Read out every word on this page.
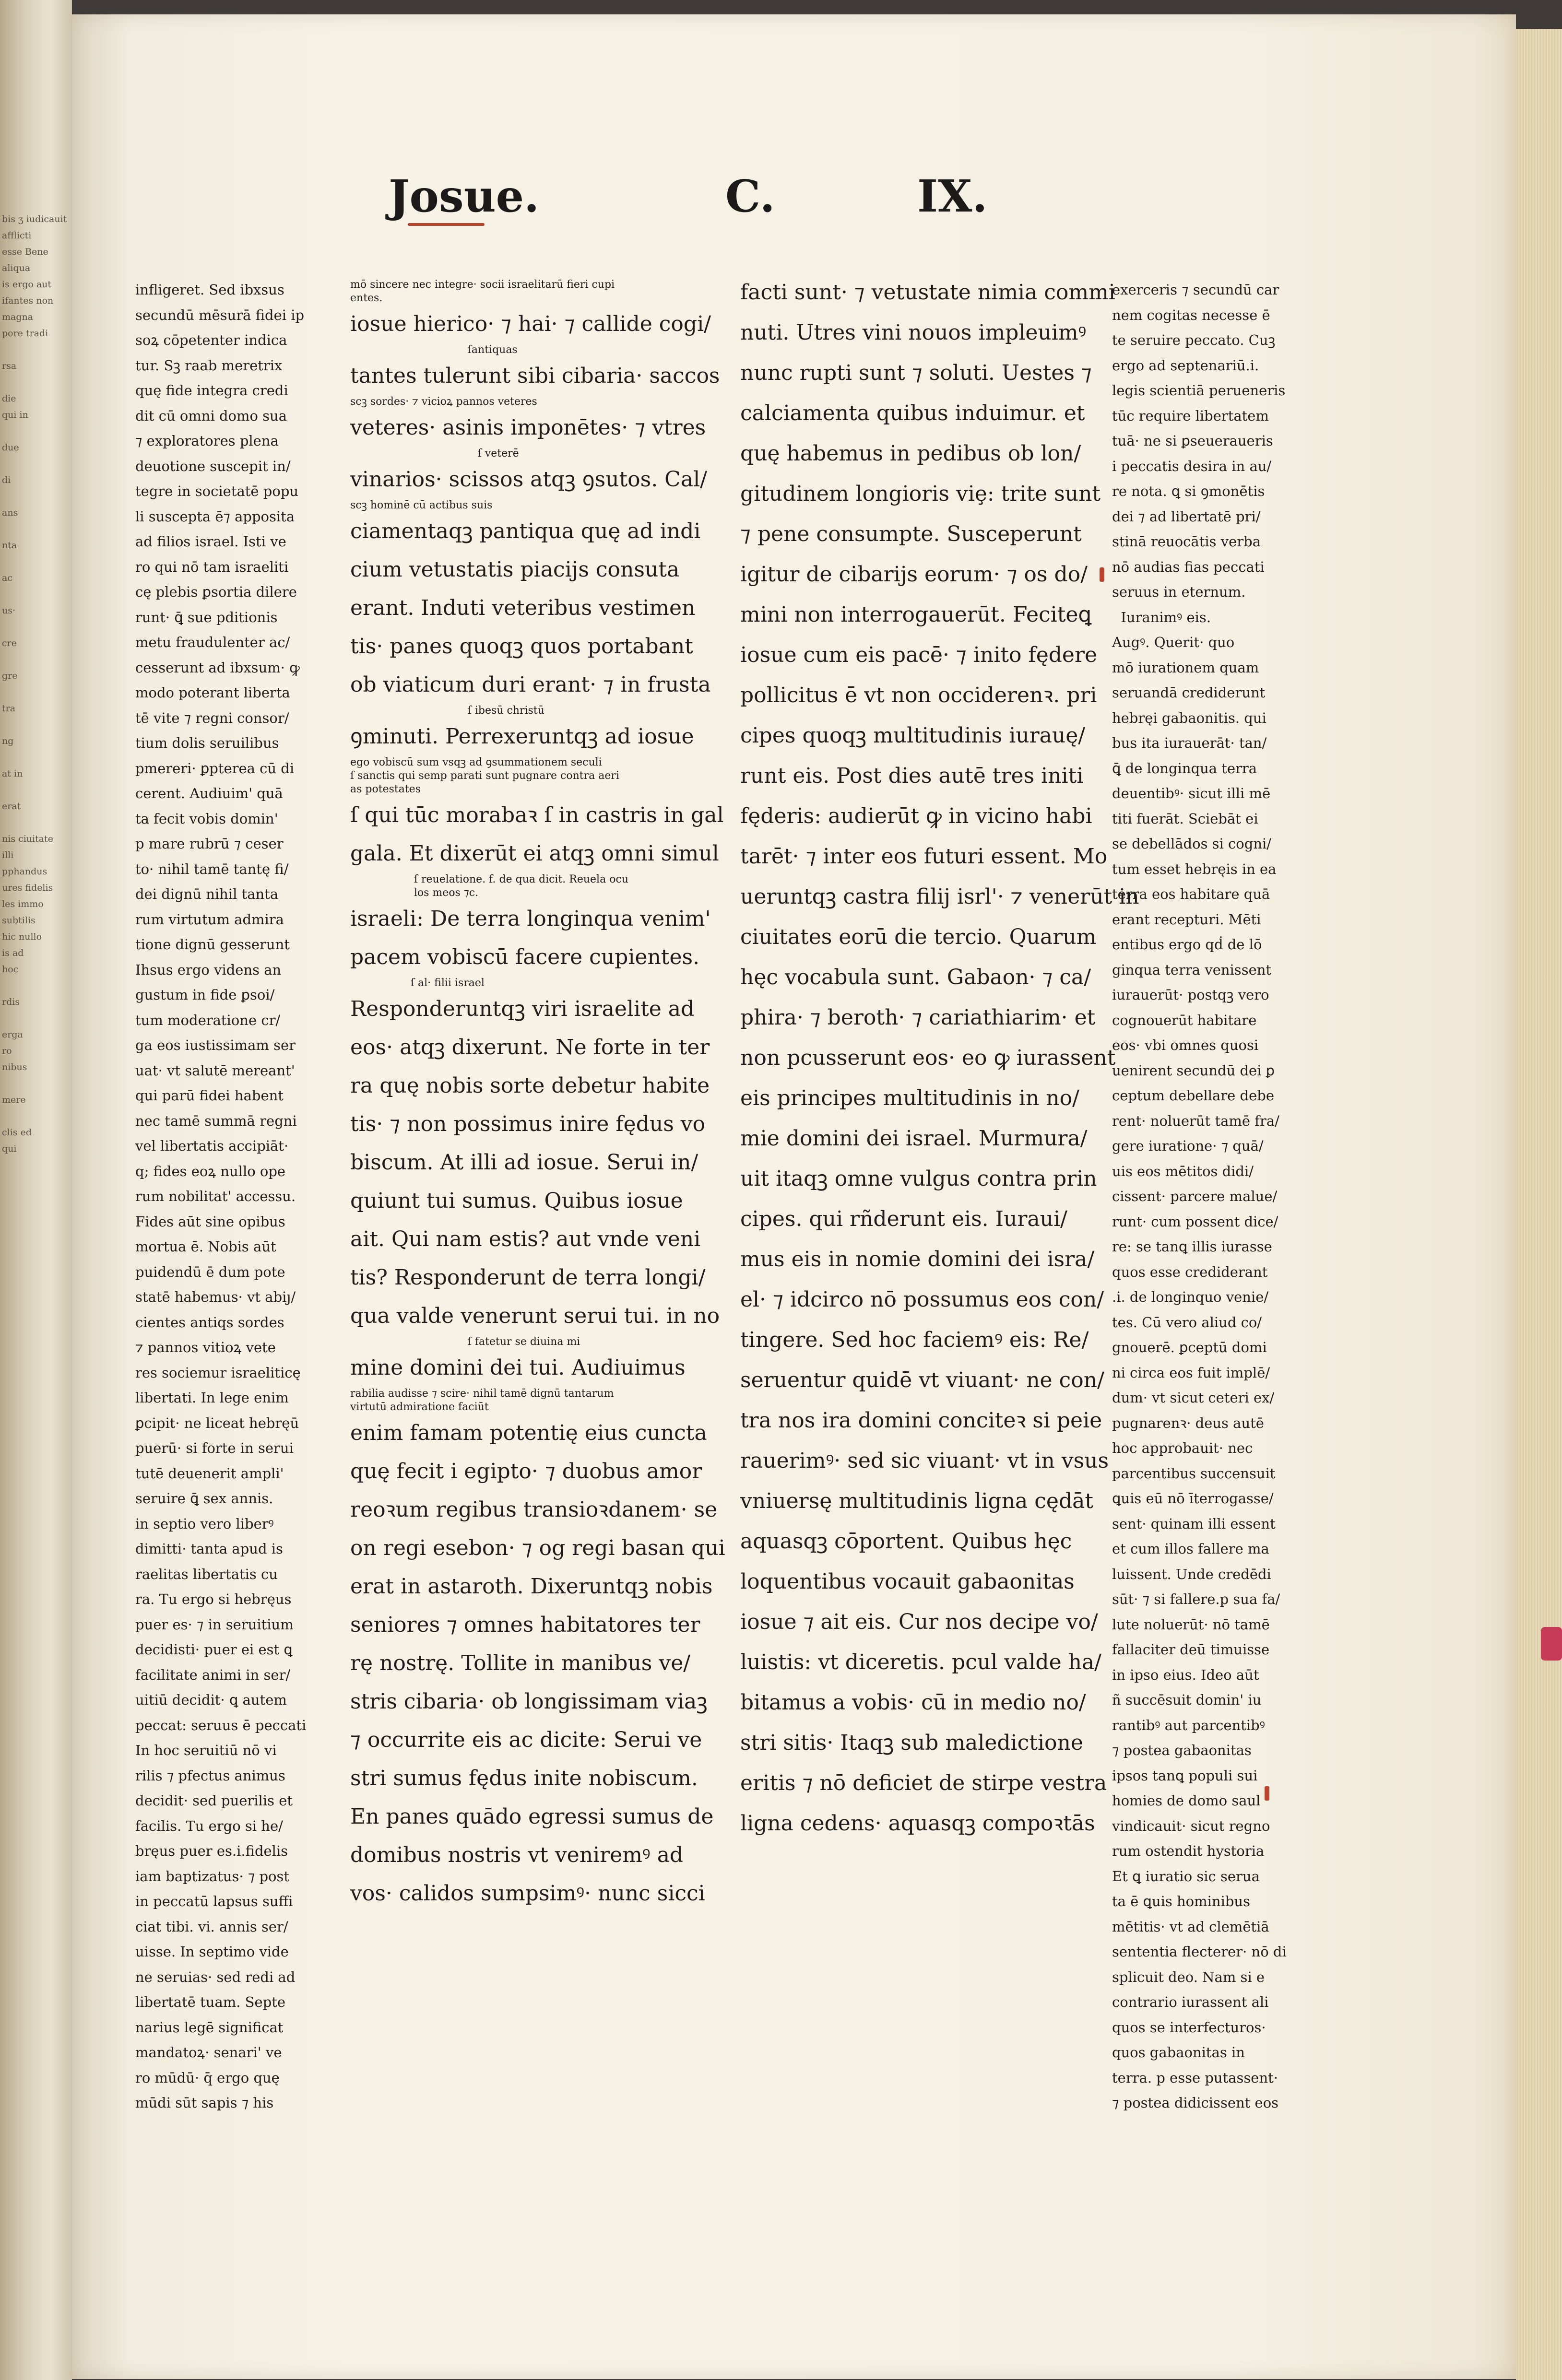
bis ʒ iudicauit
afflicti
esse Bene
aliqua
is ergo aut
ifantes non
magna
pore tradi

rsa

die
qui in

due

di

ans

nta

ac

us·

cre

gre

tra

ng

at in

erat

nis ciuitate
illi
pphandus
ures fidelis
les immo
subtilis
hic nullo
is ad
hoc

rdis

erga
ro
nibus

mere

clis ed
qui
Josue.	C.	IX.
infligeret. Sed ibxsus
secundū mēsurā fidei ip
soꝝ cōpetenter indica
tur. Sꝫ raab meretrix
quę fide integra credi
dit cū omni domo sua
⁊ exploratores plena
deuotione suscepit in/
tegre in societatē popu
li suscepta ē⁊ apposita
ad filios israel. Isti ve
ro qui nō tam israeliti
cę plebis ꝑsortia dilere
runt· ꝗ̄ sue pditionis
metu fraudulenter ac/
cesserunt ad ibxsum· ꝙ
modo poterant liberta
tē vite ⁊ regni consor/
tium dolis seruilibus
pmereri· ꝑpterea cū di
cerent. Audiuim' quā
ta fecit vobis domin'
p mare rubrū ⁊ ceser
to· nihil tamē tantę fi/
dei dignū nihil tanta
rum virtutum admira
tione dignū gesserunt
Ihsus ergo videns an
gustum in fide ꝑsoi/
tum moderatione cr/
ga eos iustissimam ser
uat· vt salutē mereant'
qui parū fidei habent
nec tamē summā regni
vel libertatis accipiāt·
q; fides eoꝝ nullo ope
rum nobilitat' accessu.
Fides aūt sine opibus
mortua ē. Nobis aūt
puidendū ē dum pote
statē habemus· vt abiȷ/
cientes antiqs sordes
⁊ pannos vitioꝝ vete
res sociemur israeliticę
libertati. In lege enim
ꝑcipit· ne liceat hebręū
puerū· si forte in serui
tutē deuenerit ampli'
seruire ꝗ̄ sex annis.
in septio vero liberꝰ
dimitti· tanta apud is
raelitas libertatis cu
ra. Tu ergo si hebręus
puer es· ⁊ in seruitium
decidisti· puer ei est ꝗ
facilitate animi in ser/
uitiū decidit· ꝗ autem
peccat: seruus ē peccati
In hoc seruitiū nō vi
rilis ⁊ pfectus animus
decidit· sed puerilis et
facilis. Tu ergo si he/
bręus puer es.i.fidelis
iam baptizatus· ⁊ post
in peccatū lapsus suffi
ciat tibi. vi. annis ser/
uisse. In septimo vide
ne seruias· sed redi ad
libertatē tuam. Septe
narius legē significat
mandatoꝝ· senari' ve
ro mūdū· q̄ ergo quę
mūdi sūt sapis ⁊ his
mō sincere nec integre· socii israelitarū fieri cupi
entes.
iosue hierico· ⁊ hai· ⁊ callide cogi/
ſantiquas
tantes tulerunt sibi cibaria· saccos
scꝫ sordes· ⁊ vicioꝝ pannos veteres
veteres· asinis imponētes· ⁊ vtres
ſ veterē
vinarios· scissos atqꝫ ꝯsutos. Cal/
scꝫ hominē cū actibus suis
ciamentaqꝫ pantiqua quę ad indi
cium vetustatis piacijs consuta
erant. Induti veteribus vestimen
tis· panes quoqꝫ quos portabant
ob viaticum duri erant· ⁊ in frusta
ſ ibesū christū
ꝯminuti. Perrexeruntqꝫ ad iosue
ego vobiscū sum vsqꝫ ad ꝯsummationem seculi
ſ sanctis qui semp parati sunt pugnare contra aeri
as potestates
ſ qui tūc morabaꝛ ſ in castris in gal
gala. Et dixerūt ei atqꝫ omni simul
ſ reuelatione. f. de qua dicit. Reuela ocu
los meos ⁊c.
israeli: De terra longinqua venim'
pacem vobiscū facere cupientes.
ſ al· filii israel
Responderuntqꝫ viri israelite ad
eos· atqꝫ dixerunt. Ne forte in ter
ra quę nobis sorte debetur habite
tis· ⁊ non possimus inire fędus vo
biscum. At illi ad iosue. Serui in/
quiunt tui sumus. Quibus iosue
ait. Qui nam estis? aut vnde veni
tis? Responderunt de terra longi/
qua valde venerunt serui tui. in no
ſ fatetur se diuina mi
mine domini dei tui. Audiuimus
rabilia audisse ⁊ scire· nihil tamē dignū tantarum
virtutū admiratione faciūt
enim famam potentię eius cuncta
quę fecit i egipto· ⁊ duobus amor
reoꝛum regibus transioꝛdanem· se
on regi esebon· ⁊ og regi basan qui
erat in astaroth. Dixeruntqꝫ nobis
seniores ⁊ omnes habitatores ter
rę nostrę. Tollite in manibus ve/
stris cibaria· ob longissimam viaꝫ
⁊ occurrite eis ac dicite: Serui ve
stri sumus fędus inite nobiscum.
En panes quādo egressi sumus de
domibus nostris vt veniremꝰ ad
vos· calidos sumpsimꝰ· nunc sicci
facti sunt· ⁊ vetustate nimia commi
nuti. Utres vini nouos impleuimꝰ
nunc rupti sunt ⁊ soluti. Uestes ⁊
calciamenta quibus induimur. et
quę habemus in pedibus ob lon/
gitudinem longioris viȩ: trite sunt
⁊ pene consumpte. Susceperunt
igitur de cibarijs eorum· ⁊ os do/
mini non interrogauerūt. Feciteꝗ
iosue cum eis pacē· ⁊ inito fędere
pollicitus ē vt non occiderenꝛ. pri
cipes quoqꝫ multitudinis iurauę/
runt eis. Post dies autē tres initi
fęderis: audierūt ꝙ in vicino habi
tarēt· ⁊ inter eos futuri essent. Mo
ueruntqꝫ castra filij isrl'· ⁊ venerūt in
ciuitates eorū die tercio. Quarum
hęc vocabula sunt. Gabaon· ⁊ ca/
phira· ⁊ beroth· ⁊ cariathiarim· et
non pcusserunt eos· eo ꝙ iurassent
eis principes multitudinis in no/
mie domini dei israel. Murmura/
uit itaqꝫ omne vulgus contra prin
cipes. qui rñderunt eis. Iuraui/
mus eis in nomie domini dei isra/
el· ⁊ idcirco nō possumus eos con/
tingere. Sed hoc faciemꝰ eis: Re/
seruentur quidē vt viuant· ne con/
tra nos ira domini conciteꝛ si peie
rauerimꝰ· sed sic viuant· vt in vsus
vniuersę multitudinis ligna cędāt
aquasqꝫ cōportent. Quibus hęc
loquentibus vocauit gabaonitas
iosue ⁊ ait eis. Cur nos decipe vo/
luistis: vt diceretis. pcul valde ha/
bitamus a vobis· cū in medio no/
stri sitis· Itaqꝫ sub maledictione
eritis ⁊ nō deficiet de stirpe vestra
ligna cedens· aquasqꝫ compoꝛtās
exerceris ⁊ secundū car
nem cogitas necesse ē
te seruire peccato. Cuꝫ
ergo ad septenariū.i.
legis scientiā perueneris
tūc require libertatem
tuā· ne si ꝑseueraueris
i peccatis desira in au/
re nota. ꝗ si ꝯmonētis
dei ⁊ ad libertatē pri/
stinā reuocātis verba
nō audias fias peccati
seruus in eternum.
Iuranimꝰ eis.
Augꝰ. Querit· quo
mō iurationem quam
seruandā crediderunt
hebręi gabaonitis. qui
bus ita iurauerāt· tan/
ꝗ̄ de longinqua terra
deuentibꝰ· sicut illi mē
titi fuerāt. Sciebāt ei
se debellādos si cogni/
tum esset hebręis in ea
terra eos habitare quā
erant recepturi. Mēti
entibus ergo qḋ de lō
ginqua terra venissent
iurauerūt· postqꝫ vero
cognouerūt habitare
eos· vbi omnes quosi
uenirent secundū dei ꝑ
ceptum debellare debe
rent· noluerūt tamē fra/
gere iuratione· ⁊ quā/
uis eos mētitos didi/
cissent· parcere malue/
runt· cum possent dice/
re: se tanꝗ illis iurasse
quos esse crediderant
.i. de longinquo venie/
tes. Cū vero aliud co/
gnouerē. ꝑceptū domi
ni circa eos fuit implē/
dum· vt sicut ceteri ex/
pugnarenꝛ· deus autē
hoc approbauit· nec
parcentibus succensuit
ꝗuis eū nō īterrogasse/
sent· quinam illi essent
et cum illos fallere ma
luissent. Unde credēdi
sūt· ⁊ si fallere.p sua fa/
lute noluerūt· nō tamē
fallaciter deū timuisse
in ipso eius. Ideo aūt
ñ succēsuit domin' iu
rantibꝰ aut parcentibꝰ
⁊ postea gabaonitas
ipsos tanꝗ populi sui
homies de domo saul
vindicauit· sicut regno
rum ostendit hystoria
Et ꝗ iuratio sic serua
ta ē ꝗuis hominibus
mētitis· vt ad clemētiā
sententia flecterer· nō di
splicuit deo. Nam si e
contrario iurassent ali
quos se interfecturos·
quos gabaonitas in
terra. p esse putassent·
⁊ postea didicissent eos
